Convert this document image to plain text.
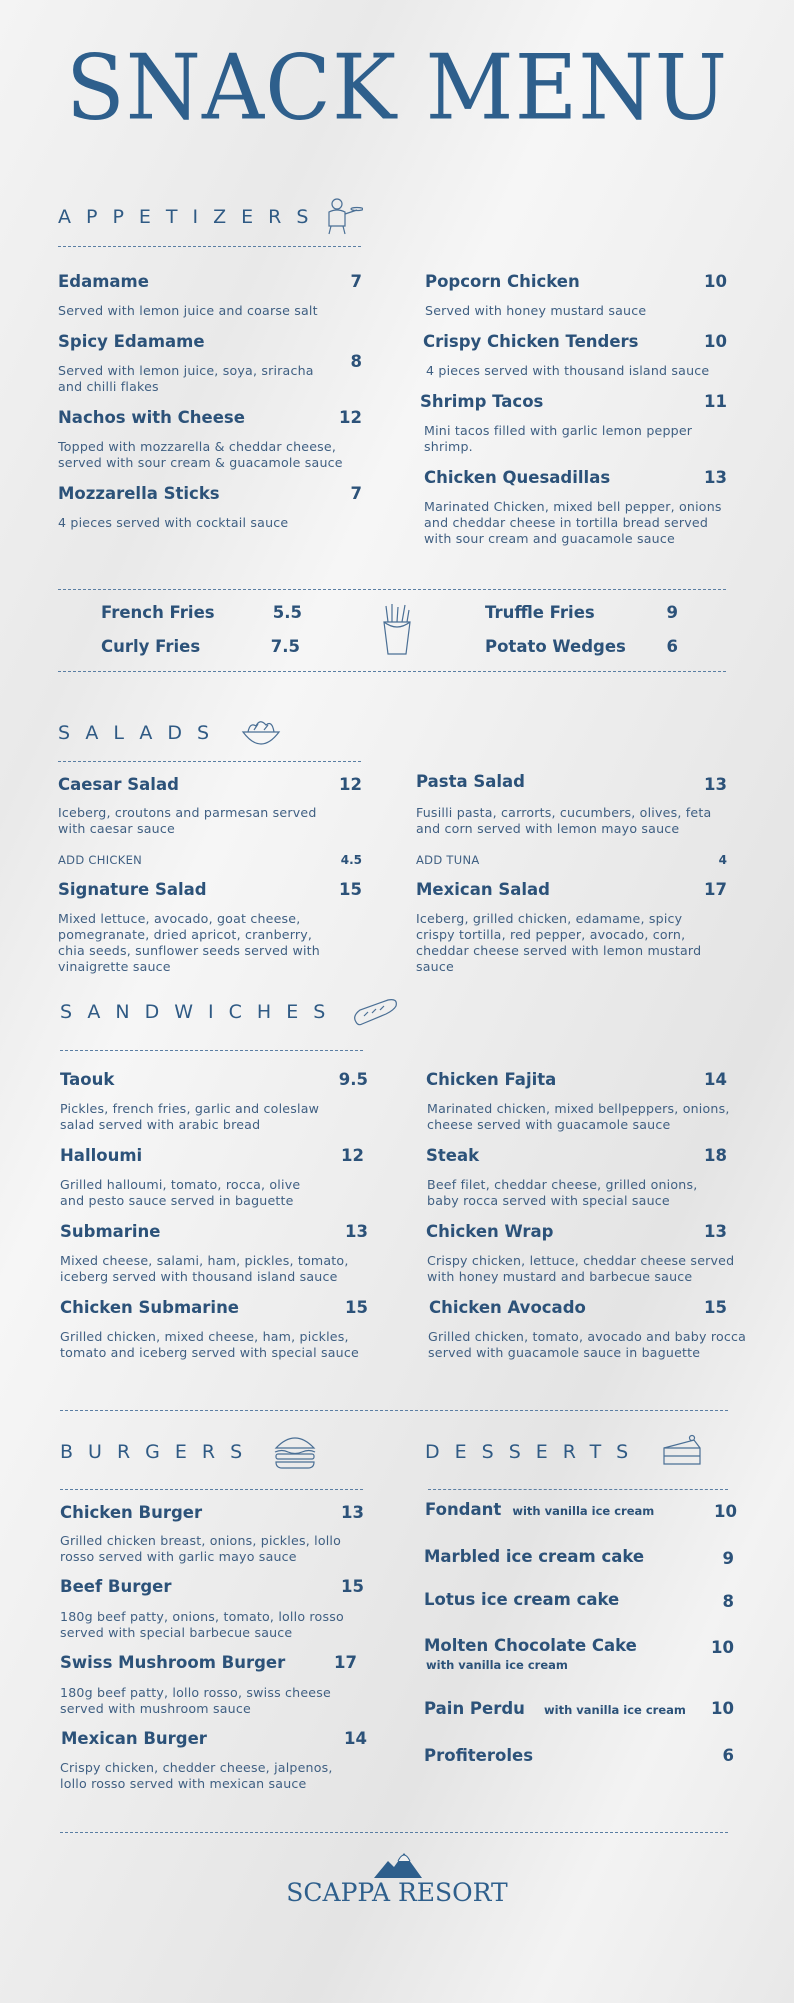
SNACK MENU
APPETIZERS
Edamame	7
Served with lemon juice and coarse salt
Spicy Edamame
8
Served with lemon juice, soya, sriracha and chilli flakes
Nachos with Cheese	12
Topped with mozzarella & cheddar cheese, served with sour cream & guacamole sauce
Mozzarella Sticks	7
4 pieces served with cocktail sauce
Popcorn Chicken	10
Served with honey mustard sauce
Crispy Chicken Tenders	10
4 pieces served with thousand island sauce
Shrimp Tacos	11
Mini tacos filled with garlic lemon pepper shrimp.
Chicken Quesadillas	13
Marinated Chicken, mixed bell pepper, onions and cheddar cheese in tortilla bread served with sour cream and guacamole sauce
French Fries	5.5
Curly Fries	7.5
Truffle Fries	9
Potato Wedges	6
SALADS
Caesar Salad	12
Iceberg, croutons and parmesan served with caesar sauce
ADD CHICKEN	4.5
Signature Salad	15
Mixed lettuce, avocado, goat cheese, pomegranate, dried apricot, cranberry, chia seeds, sunflower seeds served with vinaigrette sauce
Pasta Salad	13
Fusilli pasta, carrorts, cucumbers, olives, feta and corn served with lemon mayo sauce
ADD TUNA	4
Mexican Salad	17
Iceberg, grilled chicken, edamame, spicy crispy tortilla, red pepper, avocado, corn, cheddar cheese served with lemon mustard sauce
SANDWICHES
Taouk	9.5
Pickles, french fries, garlic and coleslaw salad served with arabic bread
Halloumi	12
Grilled halloumi, tomato, rocca, olive and pesto sauce served in baguette
Submarine	13
Mixed cheese, salami, ham, pickles, tomato, iceberg served with thousand island sauce
Chicken Submarine	15
Grilled chicken, mixed cheese, ham, pickles, tomato and iceberg served with special sauce
Chicken Fajita	14
Marinated chicken, mixed bellpeppers, onions, cheese served with guacamole sauce
Steak	18
Beef filet, cheddar cheese, grilled onions, baby rocca served with special sauce
Chicken Wrap	13
Crispy chicken, lettuce, cheddar cheese served with honey mustard and barbecue sauce
Chicken Avocado	15
Grilled chicken, tomato, avocado and baby rocca served with guacamole sauce in baguette
BURGERS
Chicken Burger	13
Grilled chicken breast, onions, pickles, lollo rosso served with garlic mayo sauce
Beef Burger	15
180g beef patty, onions, tomato, lollo rosso served with special barbecue sauce
Swiss Mushroom Burger	17
180g beef patty, lollo rosso, swiss cheese served with mushroom sauce
Mexican Burger	14
Crispy chicken, chedder cheese, jalpenos, lollo rosso served with mexican sauce
DESSERTS
Fondant with vanilla ice cream	10
Marbled ice cream cake	9
Lotus ice cream cake	8
Molten Chocolate Cake
with vanilla ice cream
10
Pain Perdu with vanilla ice cream	10
Profiteroles	6
SCAPPA RESORT
